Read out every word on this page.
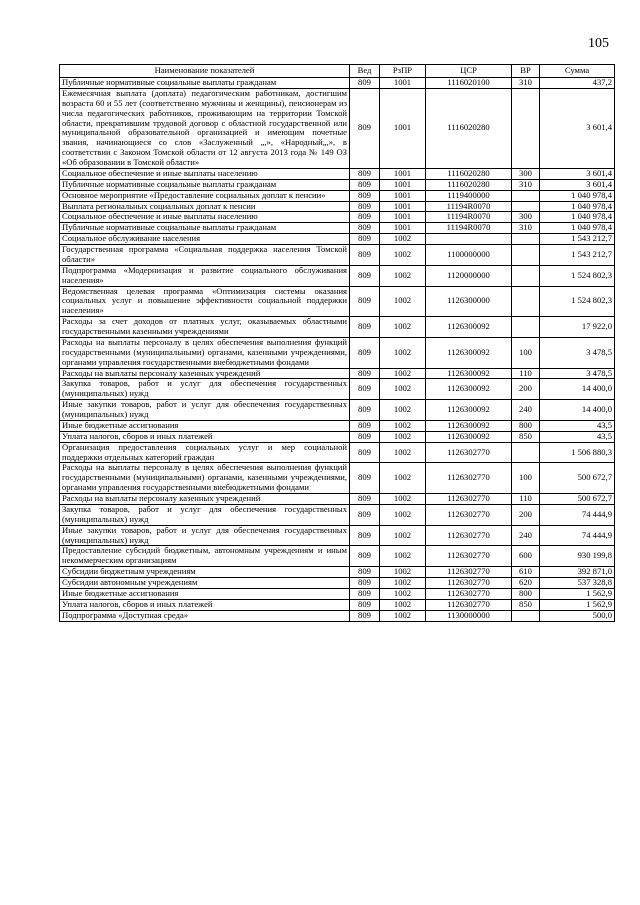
105
Наименование показателей	Вед	РзПР	ЦСР	ВР	Сумма
Публичные нормативные социальные выплаты гражданам	809	1001	1116020100	310	437,2
Ежемесячная выплата (доплата) педагогическим работникам, достигшим возраста 60 и 55 лет (соответственно мужчины и женщины), пенсионерам из числа педагогических работников, проживающим на территории Томской области, прекратившим трудовой договор с областной государственной или муниципальной образовательной организацией и имеющим почетные звания, начинающиеся со слов «Заслуженный „,», «Народный„,», в соответствии с Законом Томской области от 12 августа 2013 года № 149 ОЗ «Об образовании в Томской области»	809	1001	1116020280		3 601,4
Социальное обеспечение и иные выплаты населению	809	1001	1116020280	300	3 601,4
Публичные нормативные социальные выплаты гражданам	809	1001	1116020280	310	3 601,4
Основное мероприятие «Предоставление социальных доплат к пенсии»	809	1001	1119400000		1 040 978,4
Выплата региональных социальных доплат к пенсии	809	1001	11194R0070		1 040 978,4
Социальное обеспечение и иные выплаты населению	809	1001	11194R0070	300	1 040 978,4
Публичные нормативные социальные выплаты гражданам	809	1001	11194R0070	310	1 040 978,4
Социальное обслуживание населения	809	1002			1 543 212,7
Государственная программа «Социальная поддержка населения Томской области»	809	1002	1100000000		1 543 212,7
Подпрограмма «Модернизация и развитие социального обслуживания населения»	809	1002	1120000000		1 524 802,3
Ведомственная целевая программа «Оптимизация системы оказания социальных услуг и повышение эффективности социальной поддержки населения»	809	1002	1126300000		1 524 802,3
Расходы за счет доходов от платных услуг, оказываемых областными государственными казенными учреждениями	809	1002	1126300092		17 922,0
Расходы на выплаты персоналу в целях обеспечения выполнения функций государственными (муниципальными) органами, казенными учреждениями, органами управления государственными внебюджетными фондами	809	1002	1126300092	100	3 478,5
Расходы на выплаты персоналу казенных учреждений	809	1002	1126300092	110	3 478,5
Закупка товаров, работ и услуг для обеспечения государственных (муниципальных) нужд	809	1002	1126300092	200	14 400,0
Иные закупки товаров, работ и услуг для обеспечения государственных (муниципальных) нужд	809	1002	1126300092	240	14 400,0
Иные бюджетные ассигнования	809	1002	1126300092	800	43,5
Уплата налогов, сборов и иных платежей	809	1002	1126300092	850	43,5
Организация предоставления социальных услуг и мер социальной поддержки отдельных категорий граждан	809	1002	1126302770		1 506 880,3
Расходы на выплаты персоналу в целях обеспечения выполнения функций государственными (муниципальными) органами, казенными учреждениями, органами управления государственными внебюджетными фондами	809	1002	1126302770	100	500 672,7
Расходы на выплаты персоналу казенных учреждений	809	1002	1126302770	110	500 672,7
Закупка товаров, работ и услуг для обеспечения государственных (муниципальных) нужд	809	1002	1126302770	200	74 444,9
Иные закупки товаров, работ и услуг для обеспечения государственных (муниципальных) нужд	809	1002	1126302770	240	74 444,9
Предоставление субсидий бюджетным, автономным учреждениям и иным некоммерческим организациям	809	1002	1126302770	600	930 199,8
Субсидии бюджетным учреждениям	809	1002	1126302770	610	392 871,0
Субсидии автономным учреждениям	809	1002	1126302770	620	537 328,8
Иные бюджетные ассигнования	809	1002	1126302770	800	1 562,9
Уплата налогов, сборов и иных платежей	809	1002	1126302770	850	1 562,9
Подпрограмма «Доступная среда»	809	1002	1130000000		500,0
